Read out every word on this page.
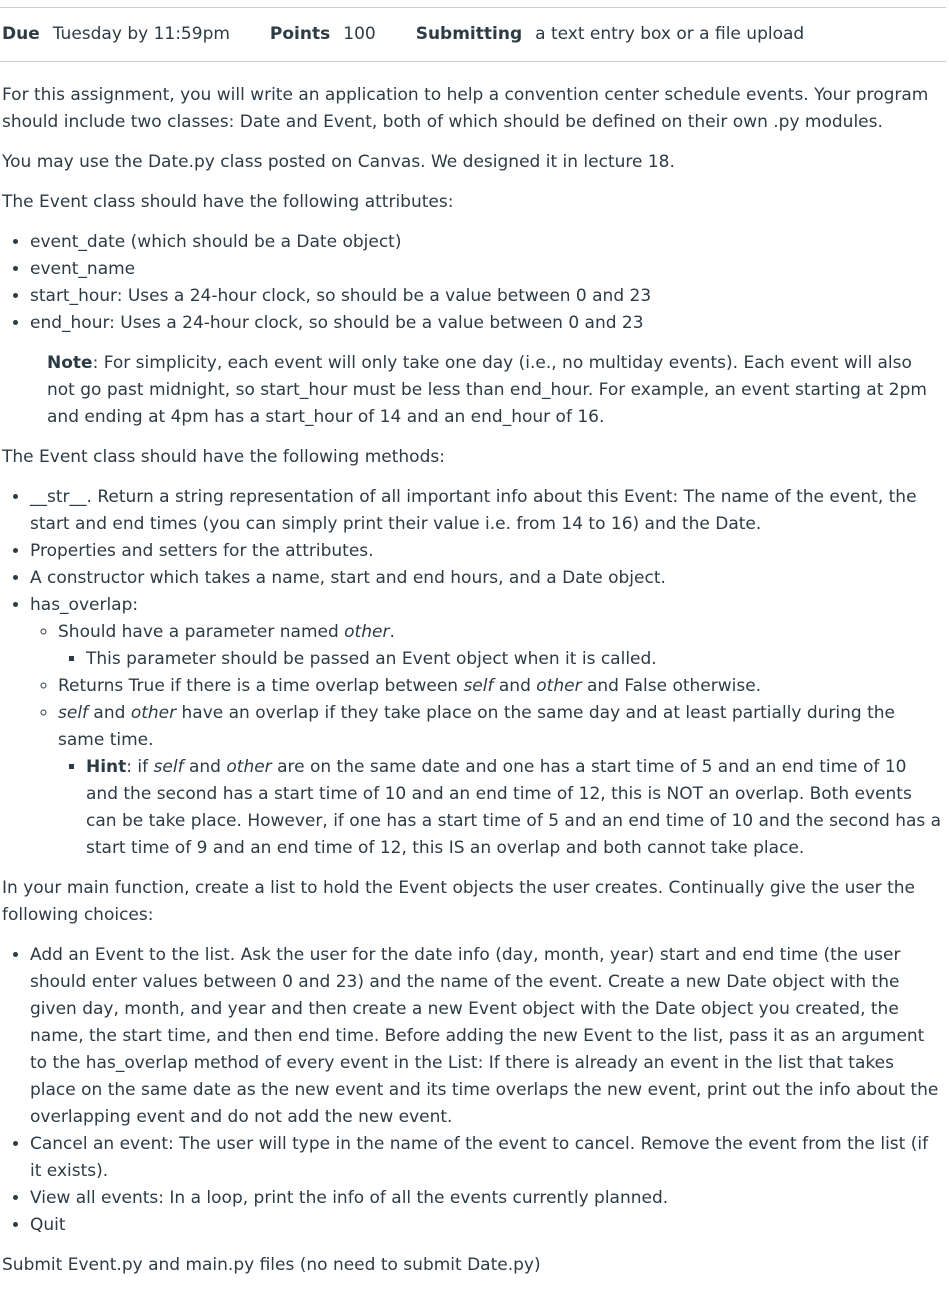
Due Tuesday by 11:59pm Points 100 Submitting a text entry box or a file upload

For this assignment, you will write an application to help a convention center schedule events. Your program should include two classes: Date and Event, both of which should be defined on their own .py modules.

You may use the Date.py class posted on Canvas. We designed it in lecture 18.

The Event class should have the following attributes:

• event_date (which should be a Date object)
• event_name
• start_hour: Uses a 24-hour clock, so should be a value between 0 and 23
• end_hour: Uses a 24-hour clock, so should be a value between 0 and 23

Note: For simplicity, each event will only take one day (i.e., no multiday events). Each event will also not go past midnight, so start_hour must be less than end_hour. For example, an event starting at 2pm and ending at 4pm has a start_hour of 14 and an end_hour of 16.

The Event class should have the following methods:

• __str__. Return a string representation of all important info about this Event: The name of the event, the start and end times (you can simply print their value i.e. from 14 to 16) and the Date.
• Properties and setters for the attributes.
• A constructor which takes a name, start and end hours, and a Date object.
• has_overlap:
◦ Should have a parameter named other.
▪ This parameter should be passed an Event object when it is called.
◦ Returns True if there is a time overlap between self and other and False otherwise.
◦ self and other have an overlap if they take place on the same day and at least partially during the same time.
▪ Hint: if self and other are on the same date and one has a start time of 5 and an end time of 10 and the second has a start time of 10 and an end time of 12, this is NOT an overlap. Both events can be take place. However, if one has a start time of 5 and an end time of 10 and the second has a start time of 9 and an end time of 12, this IS an overlap and both cannot take place.

In your main function, create a list to hold the Event objects the user creates. Continually give the user the following choices:

• Add an Event to the list. Ask the user for the date info (day, month, year) start and end time (the user should enter values between 0 and 23) and the name of the event. Create a new Date object with the given day, month, and year and then create a new Event object with the Date object you created, the name, the start time, and then end time. Before adding the new Event to the list, pass it as an argument to the has_overlap method of every event in the List: If there is already an event in the list that takes place on the same date as the new event and its time overlaps the new event, print out the info about the overlapping event and do not add the new event.
• Cancel an event: The user will type in the name of the event to cancel. Remove the event from the list (if it exists).
• View all events: In a loop, print the info of all the events currently planned.
• Quit

Submit Event.py and main.py files (no need to submit Date.py)
